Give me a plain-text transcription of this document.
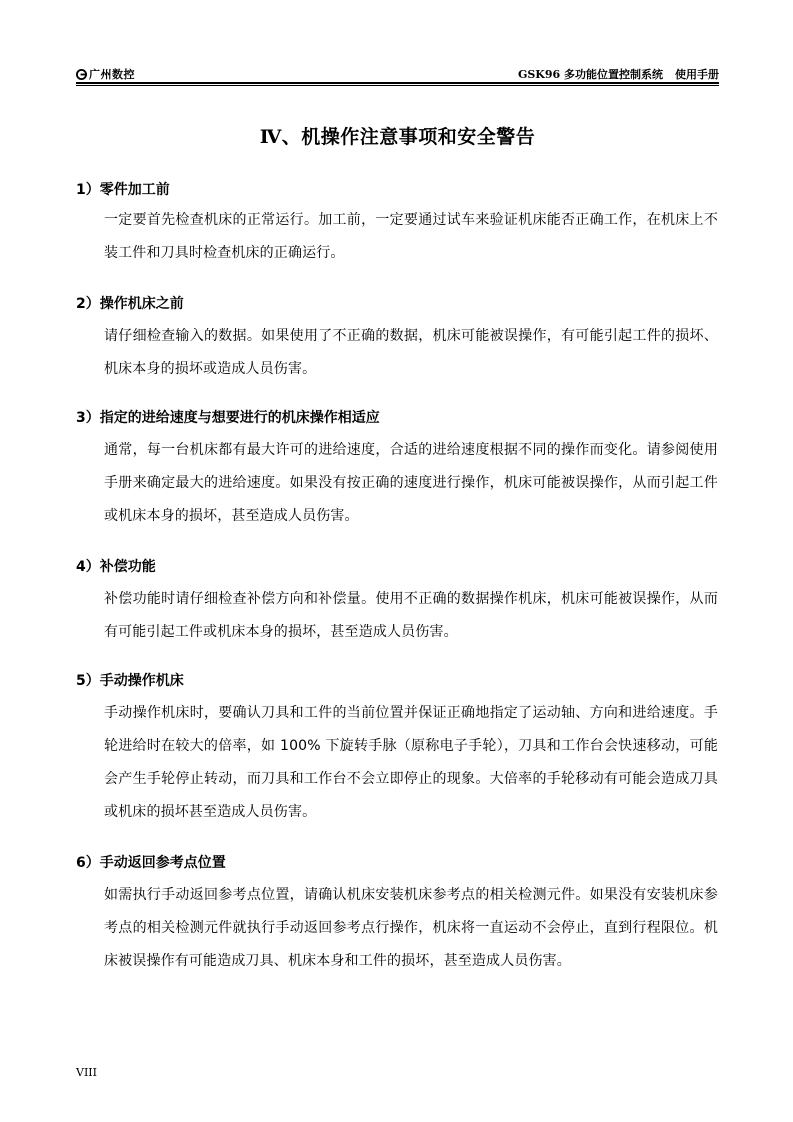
广州数控	GSK96 多功能位置控制系统 使用手册
Ⅳ、机操作注意事项和安全警告
1）零件加工前
一定要首先检查机床的正常运行。加工前，一定要通过试车来验证机床能否正确工作，在机床上不装工件和刀具时检查机床的正确运行。
2）操作机床之前
请仔细检查输入的数据。如果使用了不正确的数据，机床可能被误操作，有可能引起工件的损坏、机床本身的损坏或造成人员伤害。
3）指定的进给速度与想要进行的机床操作相适应
通常，每一台机床都有最大许可的进给速度，合适的进给速度根据不同的操作而变化。请参阅使用手册来确定最大的进给速度。如果没有按正确的速度进行操作，机床可能被误操作，从而引起工件或机床本身的损坏，甚至造成人员伤害。
4）补偿功能
补偿功能时请仔细检查补偿方向和补偿量。使用不正确的数据操作机床，机床可能被误操作，从而有可能引起工件或机床本身的损坏，甚至造成人员伤害。
5）手动操作机床
手动操作机床时，要确认刀具和工件的当前位置并保证正确地指定了运动轴、方向和进给速度。手轮进给时在较大的倍率，如 100% 下旋转手脉（原称电子手轮），刀具和工作台会快速移动，可能会产生手轮停止转动，而刀具和工作台不会立即停止的现象。大倍率的手轮移动有可能会造成刀具或机床的损坏甚至造成人员伤害。
6）手动返回参考点位置
如需执行手动返回参考点位置，请确认机床安装机床参考点的相关检测元件。如果没有安装机床参考点的相关检测元件就执行手动返回参考点行操作，机床将一直运动不会停止，直到行程限位。机床被误操作有可能造成刀具、机床本身和工件的损坏，甚至造成人员伤害。
VIII
